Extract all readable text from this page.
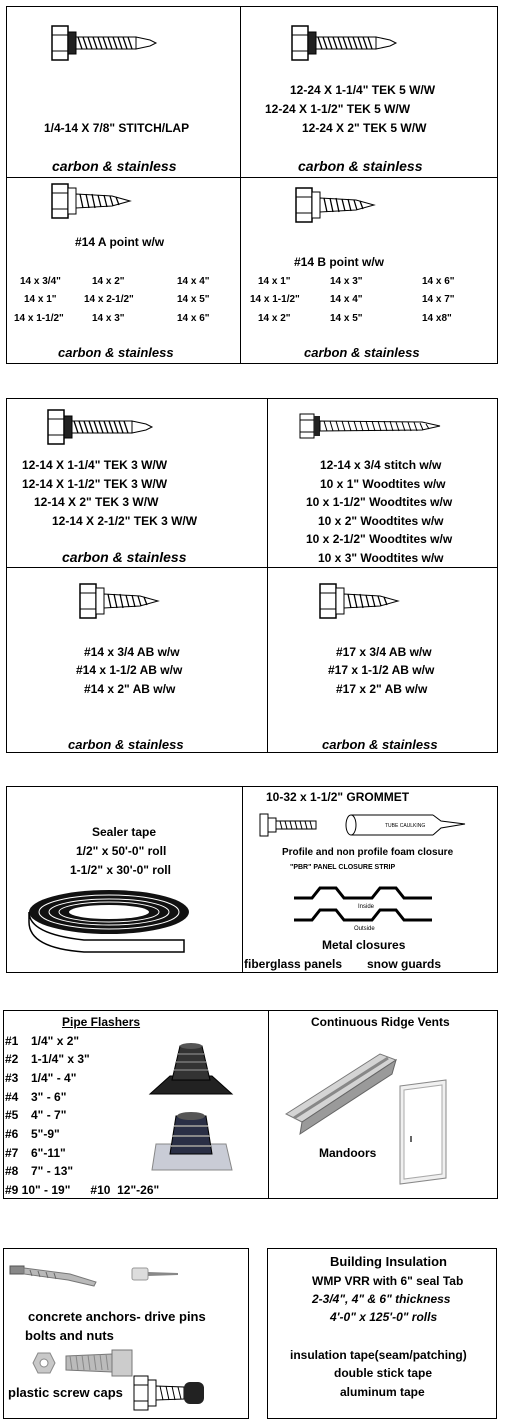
1/4-14 X 7/8" STITCH/LAP
carbon & stainless
12-24 X 1-1/4" TEK 5 W/W
12-24 X 1-1/2" TEK 5 W/W
12-24 X 2" TEK 5 W/W
carbon & stainless
#14 A point w/w
14 x 3/4"	14 x 2"	14 x 4"
14 x 1"	14 x 2-1/2"	14 x 5"
14 x 1-1/2"	14 x 3"	14 x 6"
carbon & stainless
#14 B point w/w
14 x 1"	14 x 3"	14 x 6"
14 x 1-1/2"	14 x 4"	14 x 7"
14 x 2"	14 x 5"	14 x8"
carbon & stainless
12-14 X 1-1/4" TEK 3 W/W
12-14 X 1-1/2" TEK 3 W/W
12-14 X 2" TEK 3 W/W
12-14 X 2-1/2" TEK 3 W/W
carbon & stainless
12-14 x 3/4 stitch w/w
10 x 1" Woodtites w/w
10 x 1-1/2" Woodtites w/w
10 x 2" Woodtites w/w
10 x 2-1/2" Woodtites w/w
10 x 3" Woodtites w/w
#14 x 3/4 AB w/w
#14 x 1-1/2 AB w/w
#14 x 2" AB w/w
carbon & stainless
#17 x 3/4 AB w/w
#17 x 1-1/2 AB w/w
#17 x 2" AB w/w
carbon & stainless
Sealer tape
1/2" x 50'-0" roll
1-1/2" x 30'-0" roll
10-32 x 1-1/2" GROMMET
TUBE CAULKING
Profile and non profile foam closure
"PBR" PANEL CLOSURE STRIP
Inside
Outside
Metal closures
fiberglass panels snow guards
Pipe Flashers
#1 1/4" x 2"
#2 1-1/4" x 3"
#3 1/4" - 4"
#4 3" - 6"
#5 4" - 7"
#6 5"-9"
#7 6"-11"
#8 7" - 13"
#9 10" - 19"      #10  12"-26"
Continuous Ridge Vents
Mandoors
concrete anchors- drive pins
bolts and nuts
plastic screw caps
Building Insulation
WMP VRR with 6" seal Tab
2-3/4", 4" & 6" thickness
4'-0" x 125'-0" rolls
insulation tape(seam/patching)
double stick tape
aluminum tape
